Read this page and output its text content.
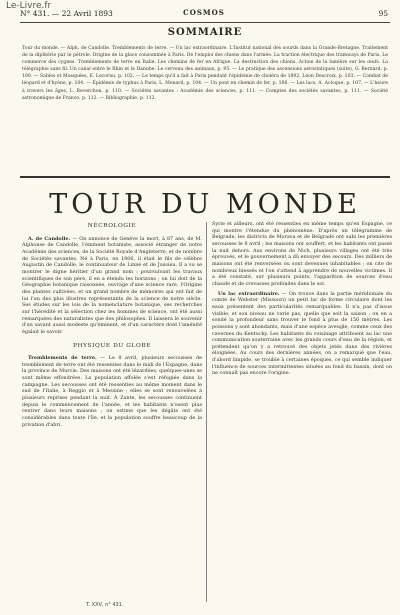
Le-Livre.fr
N° 431. — 22 Avril 1893	COSMOS	95
SOMMAIRE
Tour du monde. — Alph. de Candolle. Tremblements de terre. — Un lac extraordinaire. L'Institut national des sourds dans la Grande-Bretagne. Traitement de la diphtérie par le pétrole. Origine de la glace consommée à Paris. De l'emploi des chiens dans l'armée. La traction électrique des tramways de Paris. Le commerce des cygnes. Tremblements de terre en Italie. Les chemins de fer en Afrique. La destruction des chiens. Action de la lumière sur les œufs. La télégraphie sans fil. Un canal entre le Rhin et le Danube. Le cerveau des animaux, p. 95. — Le pratique des ascensions aérostatiques (suite), G. Bernard, p. 100. — Sables et Mosquées, E. Lecornu, p. 102. — Le temps qu'il a fait à Paris pendant l'épidémie de choléra de 1892, Léon Descroix, p. 103. — Combat de léopard et d'hyène, p. 104. — Épidémie de typhus à Paris, L. Menard, p. 104. — Un pont en chemin de fer, p. 106. — Les lacs, A. Acloque, p. 107. — L'heure à travers les âges, L. Reverchon, p. 110. — Sociétés savantes : Académie des sciences, p. 111. — Comptes des sociétés savantes, p. 111. — Société astronomique de France, p. 112. — Bibliographie, p. 112.
TOUR DU MONDE
NÉCROLOGIE

A. de Candolle. — On annonce de Genève la mort, à 87 ans, de M. Alphonse de Candolle, l'éminent botaniste, associé étranger de notre Académie des sciences, de la Société Royale d'Angleterre, et de nombre de Sociétés savantes. Né à Paris, en 1806, il était le fils de célèbre Augustin de Candolle, le continuateur de Linné et de Jussieu. Il a su se montrer le digne héritier d'un grand nom : poursuivant les travaux scientifiques de son père, il en a étendu les horizons ; on lui doit de la Géographie botanique raisonnée, ouvrage d'une science rare, l'Origine des plantes cultivées, et un grand nombre de mémoires qui ont fait de lui l'un des plus illustres représentants de la science de notre siècle. Ses études sur les lois de la nomenclature botanique, ses recherches sur l'hérédité et la sélection chez les hommes de science, ont été aussi remarquées des naturalistes que des philosophes. Il laissera le souvenir d'un savant aussi modeste qu'éminent, et d'un caractère dont l'aménité égalait le savoir.

PHYSIQUE DU GLOBE

Tremblements de terre. — Le 8 avril, plusieurs secousses de tremblement de terre ont été ressenties dans le midi de l'Espagne, dans la province de Murcie. Des maisons ont été lézardées, quelques-unes se sont même effondrées. La population affolée s'est réfugiée dans la campagne. Les secousses ont été ressenties au même moment dans le sud de l'Italie, à Reggio et à Messine ; elles se sont renouvelées à plusieurs reprises pendant la nuit. À Zante, les secousses continuent depuis le commencement de l'année, et les habitants n'osent plus rentrer dans leurs maisons ; on estime que les dégâts ont été considérables dans toute l'île, et la population souffre beaucoup de la privation d'abri.

Syrie et ailleurs, ont été ressenties en même temps qu'en Espagne, ce qui montre l'étendue du phénomène. D'après un télégramme de Belgrade, les districts de Morava et de Belgrade ont subi les premières secousses le 8 avril ; les maisons ont souffert, et les habitants ont passé la nuit dehors. Aux environs de Nich, plusieurs villages ont été très éprouvés, et le gouvernement a dû envoyer des secours. Des milliers de maisons ont été renversées ou sont devenues inhabitables ; on cite de nombreux blessés et l'on s'attend à apprendre de nouvelles victimes. Il a été constaté, sur plusieurs points, l'apparition de sources d'eau chaude et de crevasses profondes dans le sol.

Un lac extraordinaire. — On trouve dans la partie méridionale du comté de Webster (Missouri) un petit lac de forme circulaire dont les eaux présentent des particularités remarquables. Il n'a pas d'issue visible, et son niveau ne varie pas, quelle que soit la saison ; on en a sondé la profondeur sans trouver le fond à plus de 150 mètres. Les poissons y sont abondants, mais d'une espèce aveugle, comme ceux des cavernes du Kentucky. Les habitants du voisinage attribuent au lac une communication souterraine avec les grands cours d'eau de la région, et prétendent qu'on y a retrouvé des objets jetés dans des rivières éloignées. Au cours des dernières années, on a remarqué que l'eau, d'abord limpide, se trouble à certaines époques, ce qui semble indiquer l'influence de sources intermittentes situées au fond du bassin, dont on ne connaît pas encore l'origine.

T. XXV, n° 431.
